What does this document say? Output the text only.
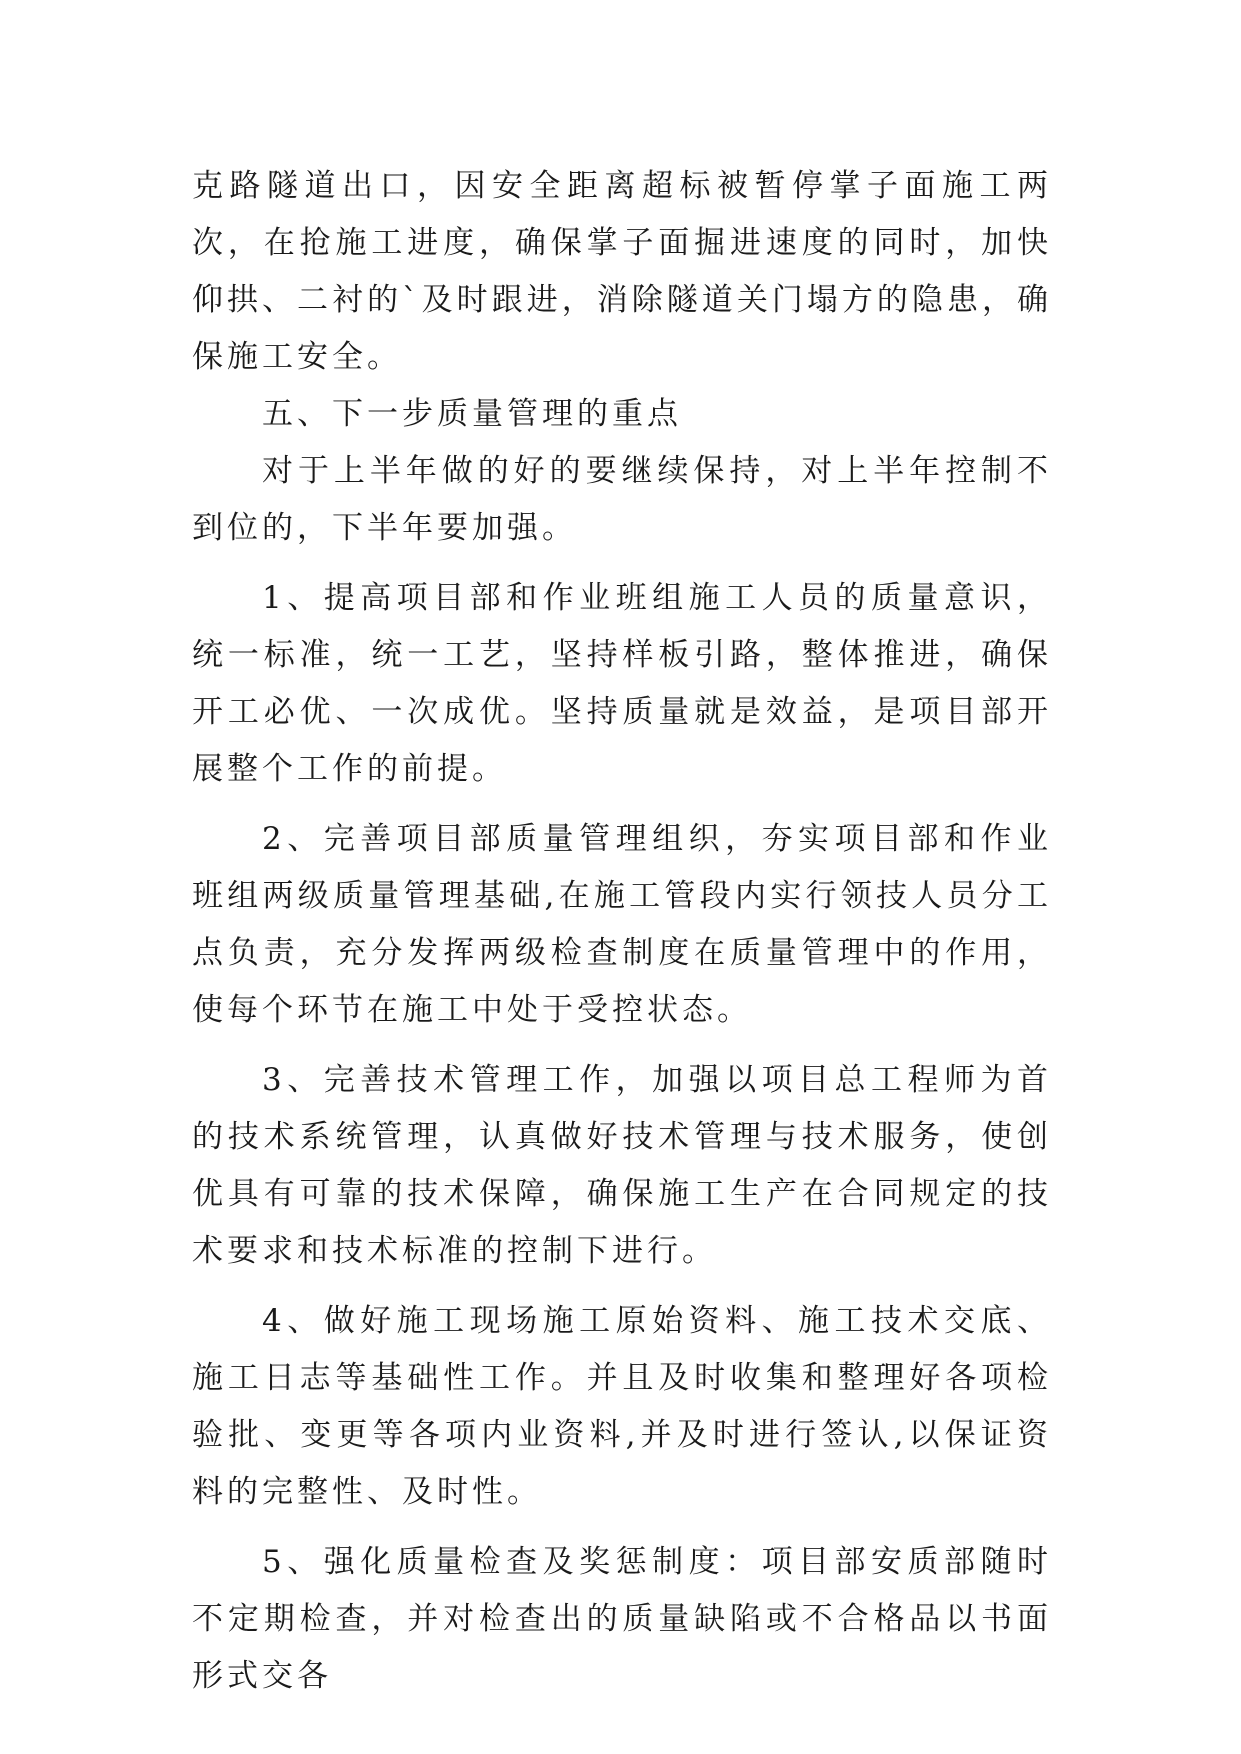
克路隧道出口，因安全距离超标被暂停掌子面施工两次，在抢施工进度，确保掌子面掘进速度的同时，加快仰拱、二衬的`及时跟进，消除隧道关门塌方的隐患，确保施工安全。

五、下一步质量管理的重点

对于上半年做的好的要继续保持，对上半年控制不到位的，下半年要加强。

1、提高项目部和作业班组施工人员的质量意识，统一标准，统一工艺，坚持样板引路，整体推进，确保开工必优、一次成优。坚持质量就是效益，是项目部开展整个工作的前提。

2、完善项目部质量管理组织，夯实项目部和作业班组两级质量管理基础,在施工管段内实行领技人员分工点负责，充分发挥两级检查制度在质量管理中的作用，使每个环节在施工中处于受控状态。

3、完善技术管理工作，加强以项目总工程师为首的技术系统管理，认真做好技术管理与技术服务，使创优具有可靠的技术保障，确保施工生产在合同规定的技术要求和技术标准的控制下进行。

4、做好施工现场施工原始资料、施工技术交底、施工日志等基础性工作。并且及时收集和整理好各项检验批、变更等各项内业资料,并及时进行签认,以保证资料的完整性、及时性。

5、强化质量检查及奖惩制度：项目部安质部随时不定期检查，并对检查出的质量缺陷或不合格品以书面形式交各
